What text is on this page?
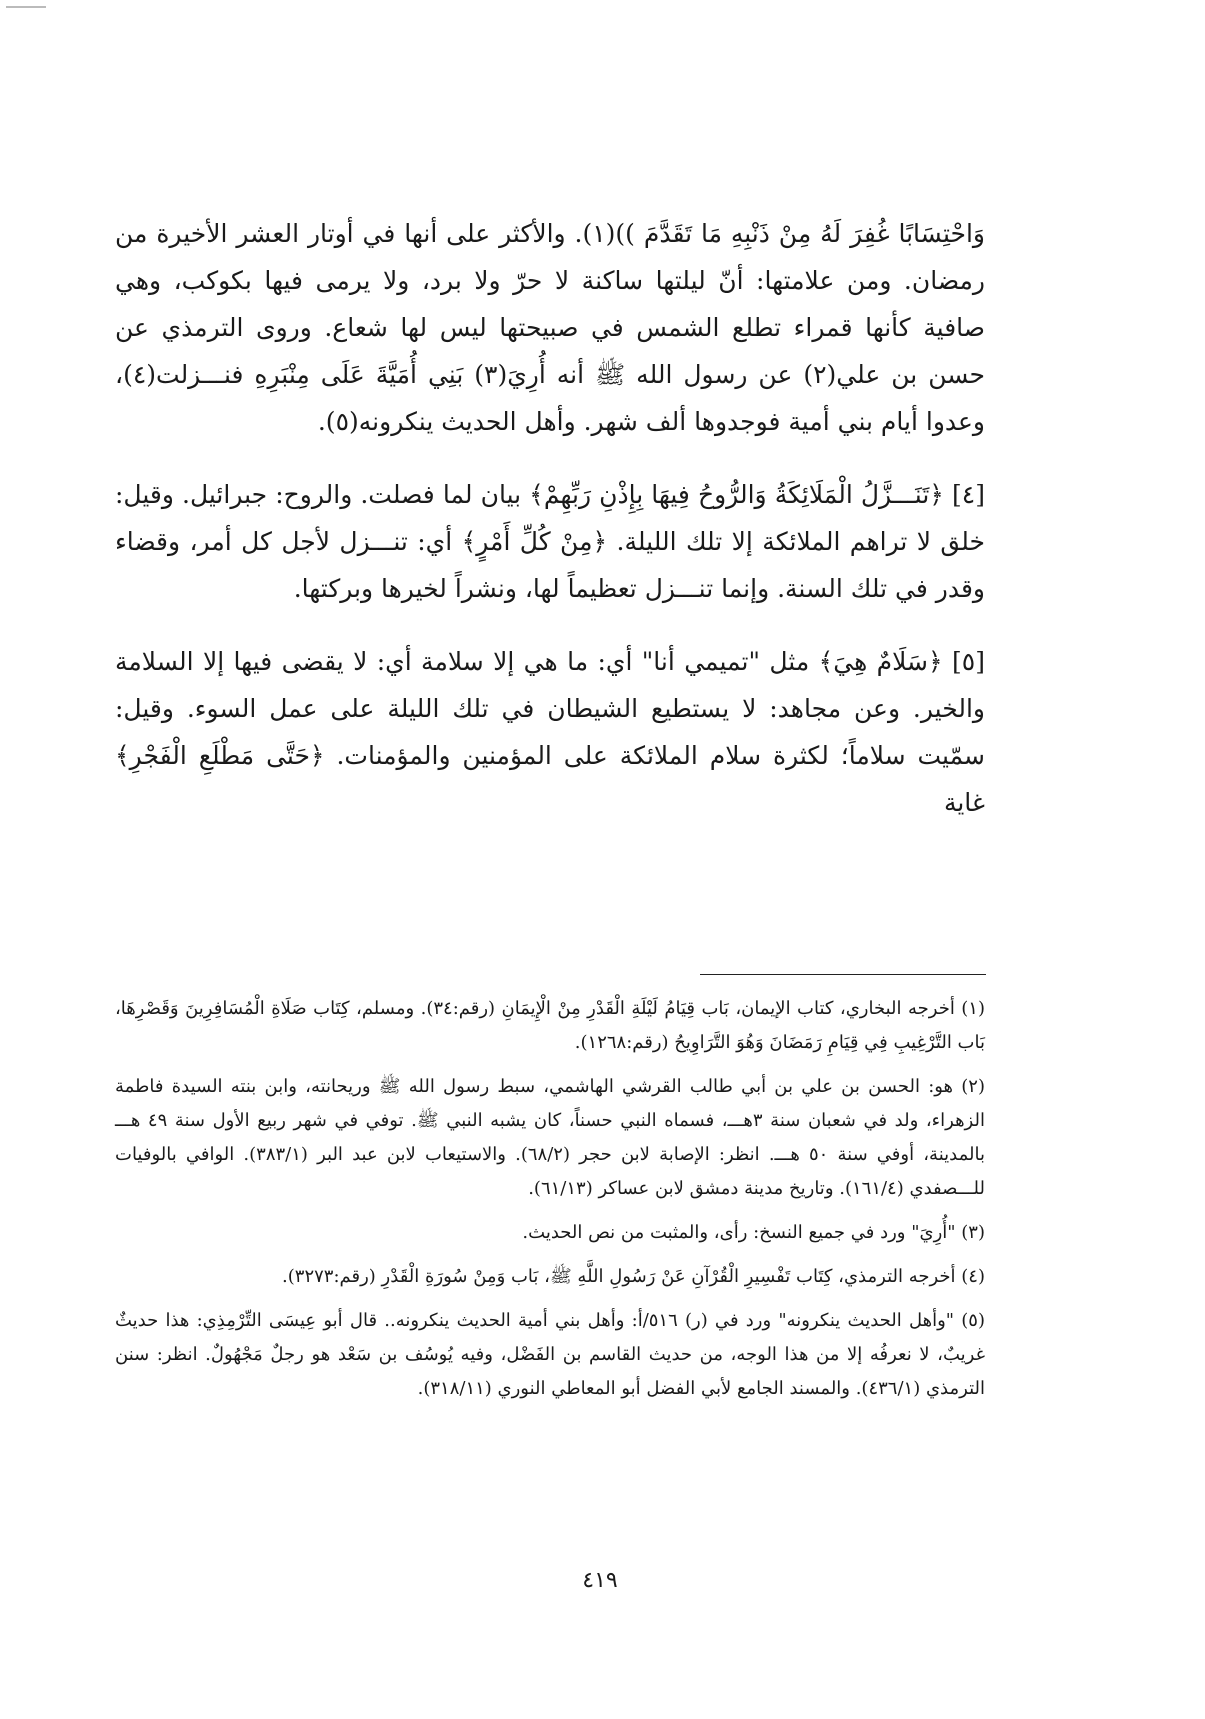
وَاحْتِسَابًا غُفِرَ لَهُ مِنْ ذَنْبِهِ مَا تَقَدَّمَ ))(١). والأكثر على أنها في أوتار العشر الأخيرة من رمضان. ومن علامتها: أنّ ليلتها ساكنة لا حرّ ولا برد، ولا يرمى فيها بكوكب، وهي صافية كأنها قمراء تطلع الشمس في صبيحتها ليس لها شعاع. وروى الترمذي عن حسن بن علي(٢) عن رسول الله ﷺ أنه أُرِيَ(٣) بَنِي أُمَيَّةَ عَلَى مِنْبَرِهِ فنـــزلت(٤)، وعدوا أيام بني أمية فوجدوها ألف شهر. وأهل الحديث ينكرونه(٥).

[٤] ﴿تَنَـــزَّلُ الْمَلَائِكَةُ وَالرُّوحُ فِيهَا بِإِذْنِ رَبِّهِمْ﴾ بيان لما فصلت. والروح: جبرائيل. وقيل: خلق لا تراهم الملائكة إلا تلك الليلة. ﴿مِنْ كُلِّ أَمْرٍ﴾ أي: تنـــزل لأجل كل أمر، وقضاء وقدر في تلك السنة. وإنما تنـــزل تعظيماً لها، ونشراً لخيرها وبركتها.

[٥] ﴿سَلَامٌ هِيَ﴾ مثل "تميمي أنا" أي: ما هي إلا سلامة أي: لا يقضى فيها إلا السلامة والخير. وعن مجاهد: لا يستطيع الشيطان في تلك الليلة على عمل السوء. وقيل: سمّيت سلاماً؛ لكثرة سلام الملائكة على المؤمنين والمؤمنات. ﴿حَتَّى مَطْلَعِ الْفَجْرِ﴾ غاية

(١) أخرجه البخاري، كتاب الإيمان، بَاب قِيَامُ لَيْلَةِ الْقَدْرِ مِنْ الْإِيمَانِ (رقم:٣٤). ومسلم، كِتَاب صَلَاةِ الْمُسَافِرِينَ وَقَصْرِهَا، بَاب التَّرْغِيبِ فِي قِيَامِ رَمَضَانَ وَهُوَ التَّرَاوِيحُ (رقم:١٢٦٨).

(٢) هو: الحسن بن علي بن أبي طالب القرشي الهاشمي، سبط رسول الله ﷺ وريحانته، وابن بنته السيدة فاطمة الزهراء، ولد في شعبان سنة ٣هـــ، فسماه النبي حسناً، كان يشبه النبي ﷺ. توفي في شهر ربيع الأول سنة ٤٩ هـــ بالمدينة، أوفي سنة ٥٠ هـــ. انظر: الإصابة لابن حجر (٦٨/٢). والاستيعاب لابن عبد البر (٣٨٣/١). الوافي بالوفيات للـــصفدي (١٦١/٤). وتاريخ مدينة دمشق لابن عساكر (٦١/١٣).

(٣) "أُرِيَ" ورد في جميع النسخ: رأى، والمثبت من نص الحديث.

(٤) أخرجه الترمذي، كِتَاب تَفْسِيرِ الْقُرْآنِ عَنْ رَسُولِ اللَّهِ ﷺ، بَاب وَمِنْ سُورَةِ الْقَدْرِ (رقم:٣٢٧٣).

(٥) "وأهل الحديث ينكرونه" ورد في (ر) ٥١٦/أ: وأهل بني أمية الحديث ينكرونه.. قال أبو عِيسَى التِّرْمِذِي: هذا حديثٌ غريبٌ، لا نعرفُه إلا من هذا الوجه، من حديث القاسم بن الفَضْل، وفيه يُوسُف بن سَعْد هو رجلٌ مَجْهُولٌ. انظر: سنن الترمذي (٤٣٦/١). والمسند الجامع لأبي الفضل أبو المعاطي النوري (٣١٨/١١).

٤١٩
